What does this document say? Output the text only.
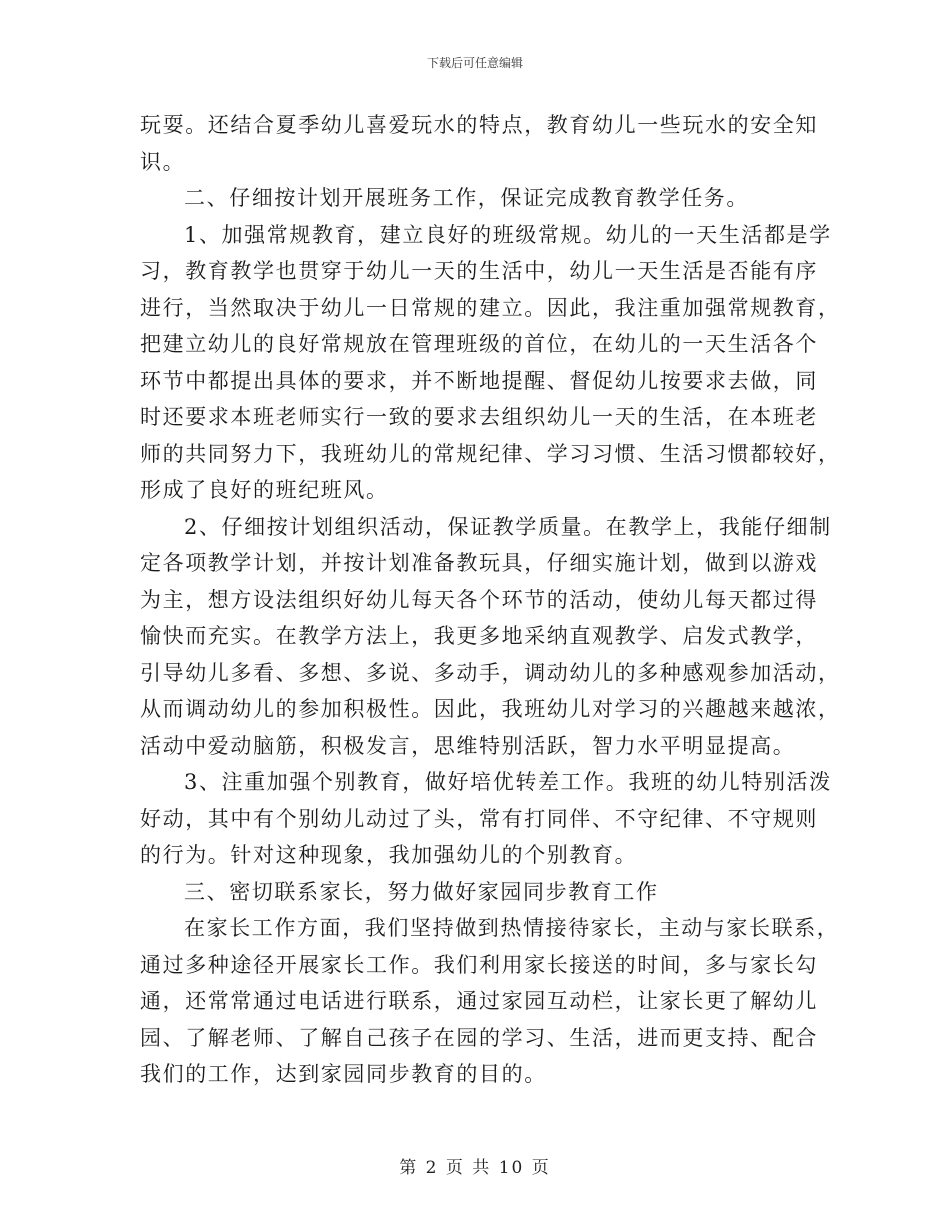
下载后可任意编辑
玩耍。还结合夏季幼儿喜爱玩水的特点，教育幼儿一些玩水的安全知
识。
二、仔细按计划开展班务工作，保证完成教育教学任务。
1、加强常规教育，建立良好的班级常规。幼儿的一天生活都是学
习，教育教学也贯穿于幼儿一天的生活中，幼儿一天生活是否能有序
进行，当然取决于幼儿一日常规的建立。因此，我注重加强常规教育，
把建立幼儿的良好常规放在管理班级的首位，在幼儿的一天生活各个
环节中都提出具体的要求，并不断地提醒、督促幼儿按要求去做，同
时还要求本班老师实行一致的要求去组织幼儿一天的生活，在本班老
师的共同努力下，我班幼儿的常规纪律、学习习惯、生活习惯都较好，
形成了良好的班纪班风。
2、仔细按计划组织活动，保证教学质量。在教学上，我能仔细制
定各项教学计划，并按计划准备教玩具，仔细实施计划，做到以游戏
为主，想方设法组织好幼儿每天各个环节的活动，使幼儿每天都过得
愉快而充实。在教学方法上，我更多地采纳直观教学、启发式教学，
引导幼儿多看、多想、多说、多动手，调动幼儿的多种感观参加活动，
从而调动幼儿的参加积极性。因此，我班幼儿对学习的兴趣越来越浓，
活动中爱动脑筋，积极发言，思维特别活跃，智力水平明显提高。
3、注重加强个别教育，做好培优转差工作。我班的幼儿特别活泼
好动，其中有个别幼儿动过了头，常有打同伴、不守纪律、不守规则
的行为。针对这种现象，我加强幼儿的个别教育。
三、密切联系家长，努力做好家园同步教育工作
在家长工作方面，我们坚持做到热情接待家长，主动与家长联系，
通过多种途径开展家长工作。我们利用家长接送的时间，多与家长勾
通，还常常通过电话进行联系，通过家园互动栏，让家长更了解幼儿
园、了解老师、了解自己孩子在园的学习、生活，进而更支持、配合
我们的工作，达到家园同步教育的目的。
第 2 页 共 10 页
